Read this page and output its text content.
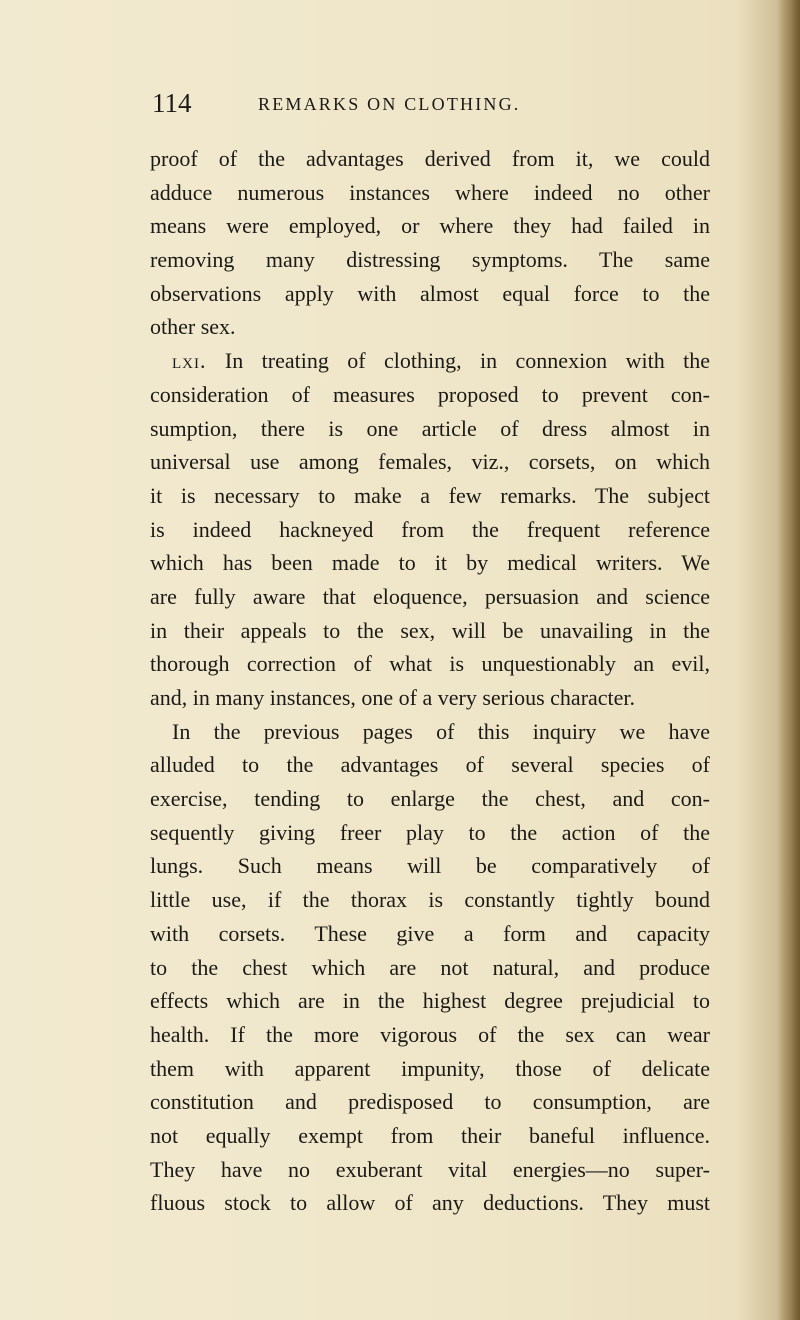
114	REMARKS ON CLOTHING.
proof of the advantages derived from it, we could
adduce numerous instances where indeed no other
means were employed, or where they had failed in
removing many distressing symptoms. The same
observations apply with almost equal force to the
other sex.
lxi. In treating of clothing, in connexion with the
consideration of measures proposed to prevent con-
sumption, there is one article of dress almost in
universal use among females, viz., corsets, on which
it is necessary to make a few remarks. The subject
is indeed hackneyed from the frequent reference
which has been made to it by medical writers. We
are fully aware that eloquence, persuasion and science
in their appeals to the sex, will be unavailing in the
thorough correction of what is unquestionably an evil,
and, in many instances, one of a very serious character.
In the previous pages of this inquiry we have
alluded to the advantages of several species of
exercise, tending to enlarge the chest, and con-
sequently giving freer play to the action of the
lungs. Such means will be comparatively of
little use, if the thorax is constantly tightly bound
with corsets. These give a form and capacity
to the chest which are not natural, and produce
effects which are in the highest degree prejudicial to
health. If the more vigorous of the sex can wear
them with apparent impunity, those of delicate
constitution and predisposed to consumption, are
not equally exempt from their baneful influence.
They have no exuberant vital energies—no super-
fluous stock to allow of any deductions. They must
